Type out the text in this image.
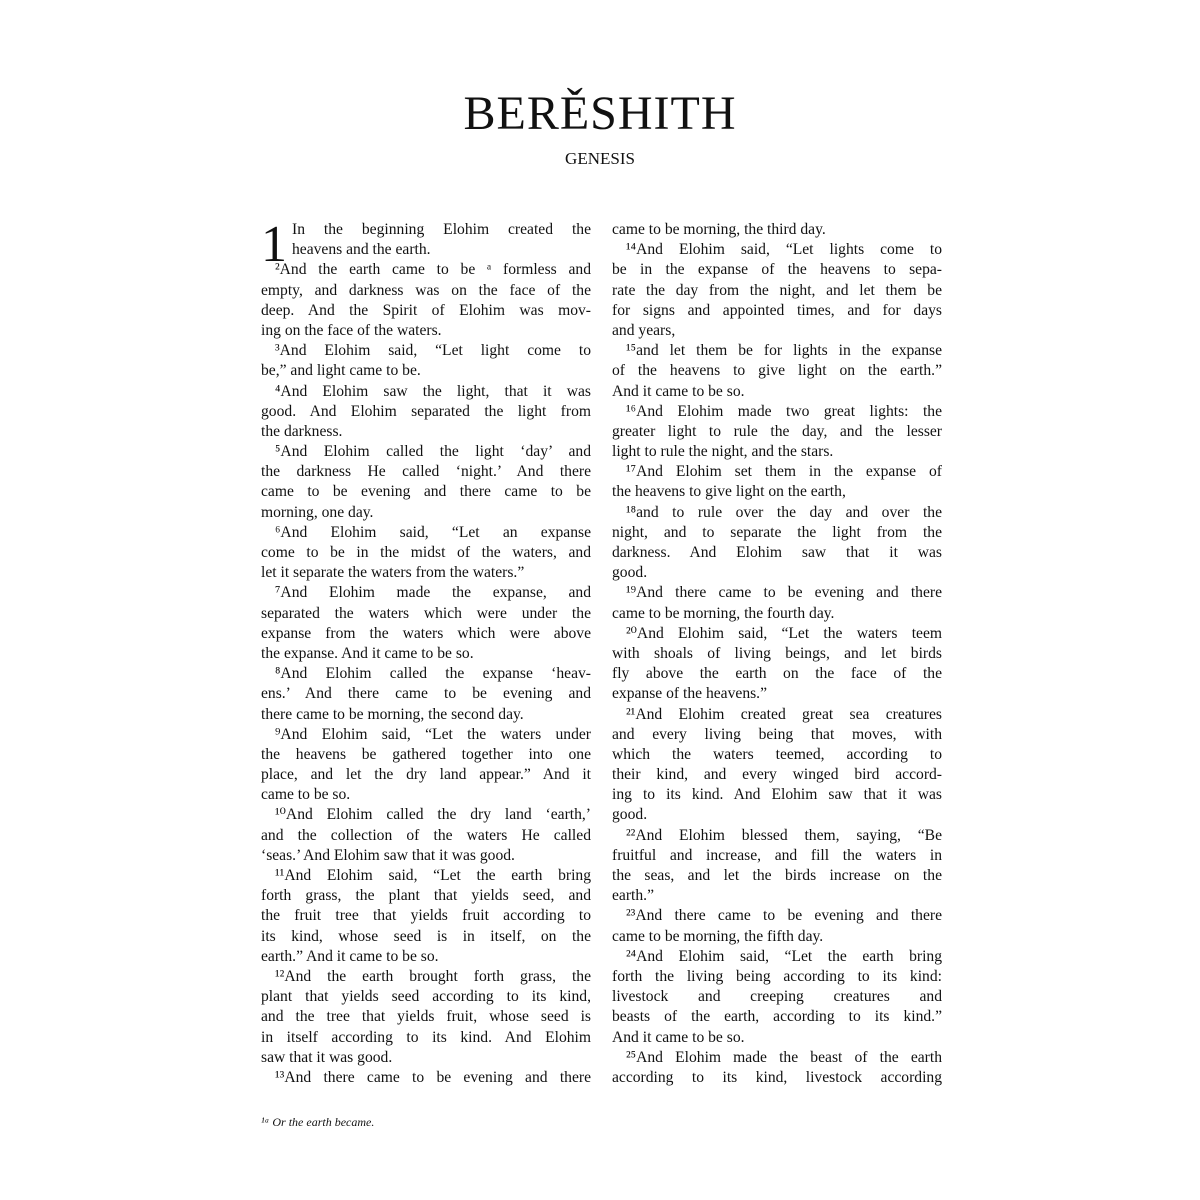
BERĚSHITH
GENESIS
1 In the beginning Elohim created the
heavens and the earth.
²And the earth came to be ᵃ formless and
empty, and darkness was on the face of the
deep. And the Spirit of Elohim was mov-
ing on the face of the waters.
³And Elohim said, “Let light come to
be,” and light came to be.
⁴And Elohim saw the light, that it was
good. And Elohim separated the light from
the darkness.
⁵And Elohim called the light ‘day’ and
the darkness He called ‘night.’ And there
came to be evening and there came to be
morning, one day.
⁶And Elohim said, “Let an expanse
come to be in the midst of the waters, and
let it separate the waters from the waters.”
⁷And Elohim made the expanse, and
separated the waters which were under the
expanse from the waters which were above
the expanse. And it came to be so.
⁸And Elohim called the expanse ‘heav-
ens.’ And there came to be evening and
there came to be morning, the second day.
⁹And Elohim said, “Let the waters under
the heavens be gathered together into one
place, and let the dry land appear.” And it
came to be so.
¹⁰And Elohim called the dry land ‘earth,’
and the collection of the waters He called
‘seas.’ And Elohim saw that it was good.
¹¹And Elohim said, “Let the earth bring
forth grass, the plant that yields seed, and
the fruit tree that yields fruit according to
its kind, whose seed is in itself, on the
earth.” And it came to be so.
¹²And the earth brought forth grass, the
plant that yields seed according to its kind,
and the tree that yields fruit, whose seed is
in itself according to its kind. And Elohim
saw that it was good.
¹³And there came to be evening and there
came to be morning, the third day.
¹⁴And Elohim said, “Let lights come to
be in the expanse of the heavens to sepa-
rate the day from the night, and let them be
for signs and appointed times, and for days
and years,
¹⁵and let them be for lights in the expanse
of the heavens to give light on the earth.”
And it came to be so.
¹⁶And Elohim made two great lights: the
greater light to rule the day, and the lesser
light to rule the night, and the stars.
¹⁷And Elohim set them in the expanse of
the heavens to give light on the earth,
¹⁸and to rule over the day and over the
night, and to separate the light from the
darkness. And Elohim saw that it was
good.
¹⁹And there came to be evening and there
came to be morning, the fourth day.
²⁰And Elohim said, “Let the waters teem
with shoals of living beings, and let birds
fly above the earth on the face of the
expanse of the heavens.”
²¹And Elohim created great sea creatures
and every living being that moves, with
which the waters teemed, according to
their kind, and every winged bird accord-
ing to its kind. And Elohim saw that it was
good.
²²And Elohim blessed them, saying, “Be
fruitful and increase, and fill the waters in
the seas, and let the birds increase on the
earth.”
²³And there came to be evening and there
came to be morning, the fifth day.
²⁴And Elohim said, “Let the earth bring
forth the living being according to its kind:
livestock and creeping creatures and
beasts of the earth, according to its kind.”
And it came to be so.
²⁵And Elohim made the beast of the earth
according to its kind, livestock according
¹ᵃ Or the earth became.
